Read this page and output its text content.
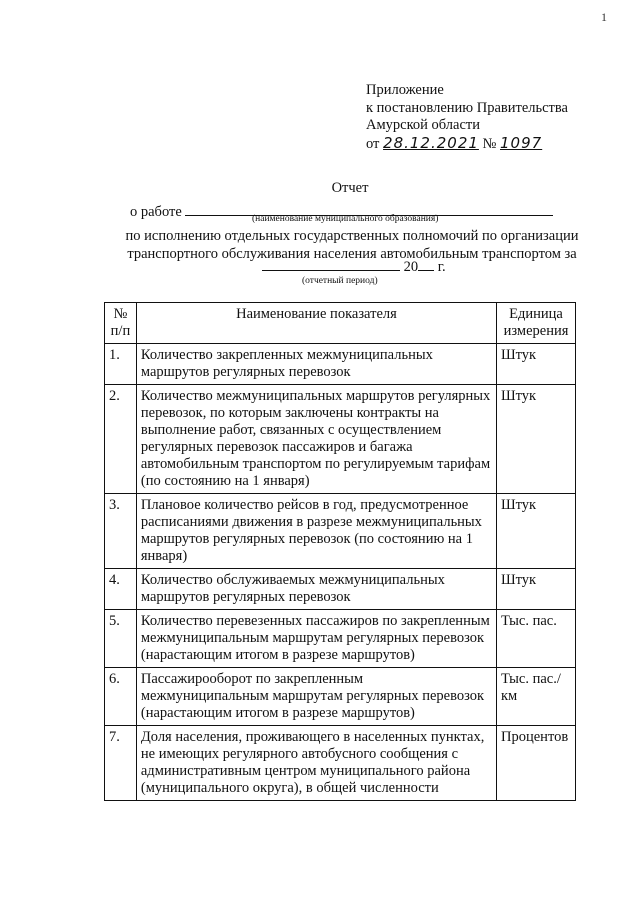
1
Приложение
к постановлению Правительства
Амурской области
от 28.12.2021 № 1097
Отчет
о работе	(наименование муниципального образования)
по исполнению отдельных государственных полномочий по организации транспортного обслуживания населения автомобильным транспортом за
20 г.
(отчетный период)
№ п/п	Наименование показателя	Единица измерения
1.	Количество закрепленных межмуниципальных маршрутов регулярных перевозок	Штук
2.	Количество межмуниципальных маршрутов регулярных перевозок, по которым заключены контракты на выполнение работ, связанных с осуществлением регулярных перевозок пассажиров и багажа автомобильным транспортом по регулируемым тарифам (по состоянию на 1 января)	Штук
3.	Плановое количество рейсов в год, предусмотренное расписаниями движения в разрезе межмуниципальных маршрутов регулярных перевозок (по состоянию на 1 января)	Штук
4.	Количество обслуживаемых межмуниципальных маршрутов регулярных перевозок	Штук
5.	Количество перевезенных пассажиров по закрепленным межмуниципальным маршрутам регулярных перевозок (нарастающим итогом в разрезе маршрутов)	Тыс. пас.
6.	Пассажирооборот по закрепленным межмуниципальным маршрутам регулярных перевозок (нарастающим итогом в разрезе маршрутов)	Тыс. пас./км
7.	Доля населения, проживающего в населенных пунктах, не имеющих регулярного автобусного сообщения с административным центром муниципального района (муниципального округа), в общей численности	Процентов
